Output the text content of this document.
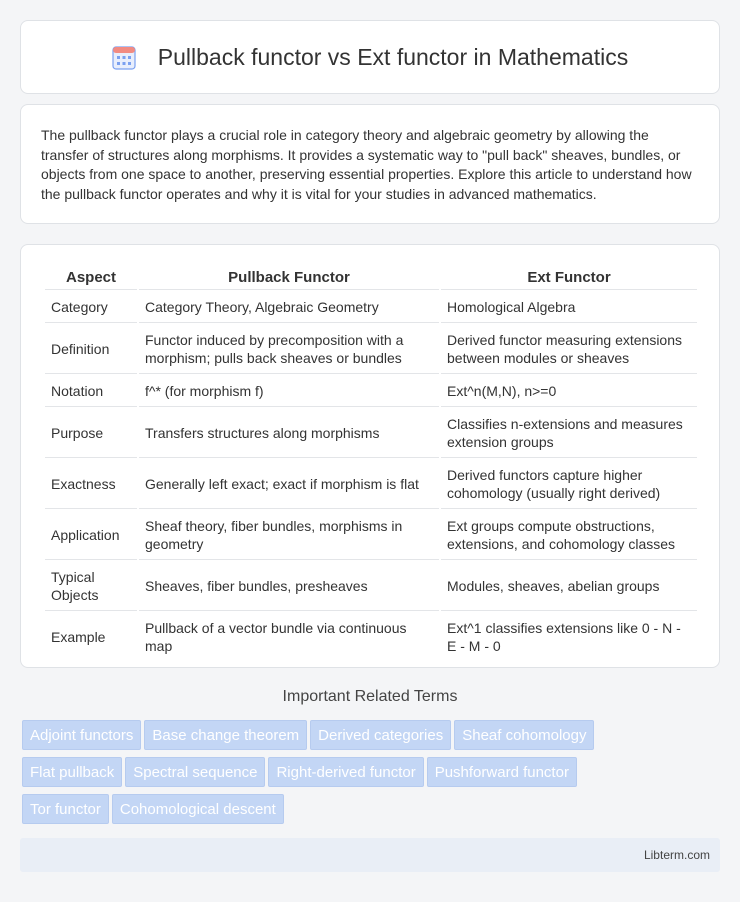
Pullback functor vs Ext functor in Mathematics

The pullback functor plays a crucial role in category theory and algebraic geometry by allowing the transfer of structures along morphisms. It provides a systematic way to "pull back" sheaves, bundles, or objects from one space to another, preserving essential properties. Explore this article to understand how the pullback functor operates and why it is vital for your studies in advanced mathematics.

Aspect	Pullback Functor	Ext Functor
Category	Category Theory, Algebraic Geometry	Homological Algebra
Definition	Functor induced by precomposition with a morphism; pulls back sheaves or bundles	Derived functor measuring extensions between modules or sheaves
Notation	f^* (for morphism f)	Ext^n(M,N), n>=0
Purpose	Transfers structures along morphisms	Classifies n-extensions and measures extension groups
Exactness	Generally left exact; exact if morphism is flat	Derived functors capture higher cohomology (usually right derived)
Application	Sheaf theory, fiber bundles, morphisms in geometry	Ext groups compute obstructions, extensions, and cohomology classes
Typical Objects	Sheaves, fiber bundles, presheaves	Modules, sheaves, abelian groups
Example	Pullback of a vector bundle via continuous map	Ext^1 classifies extensions like 0 - N - E - M - 0
Important Related Terms
Adjoint functors Base change theorem Derived categories Sheaf cohomology
Flat pullback Spectral sequence Right-derived functor Pushforward functor
Tor functor Cohomological descent
Libterm.com
